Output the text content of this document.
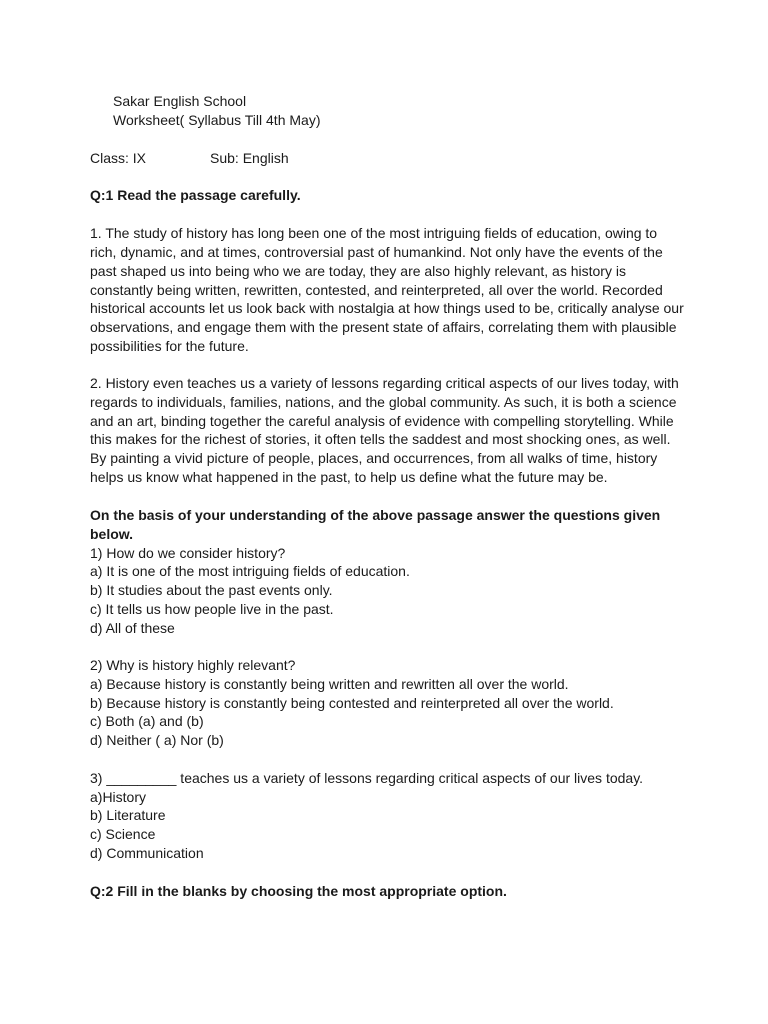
Sakar English School
Worksheet( Syllabus Till 4th May)
Class: IX	Sub: English
Q:1 Read the passage carefully.
1. The study of history has long been one of the most intriguing fields of education, owing to
rich, dynamic, and at times, controversial past of humankind. Not only have the events of the
past shaped us into being who we are today, they are also highly relevant, as history is
constantly being written, rewritten, contested, and reinterpreted, all over the world. Recorded
historical accounts let us look back with nostalgia at how things used to be, critically analyse our
observations, and engage them with the present state of affairs, correlating them with plausible
possibilities for the future.
2. History even teaches us a variety of lessons regarding critical aspects of our lives today, with
regards to individuals, families, nations, and the global community. As such, it is both a science
and an art, binding together the careful analysis of evidence with compelling storytelling. While
this makes for the richest of stories, it often tells the saddest and most shocking ones, as well.
By painting a vivid picture of people, places, and occurrences, from all walks of time, history
helps us know what happened in the past, to help us define what the future may be.
On the basis of your understanding of the above passage answer the questions given
below.
1) How do we consider history?
a) It is one of the most intriguing fields of education.
b) It studies about the past events only.
c) It tells us how people live in the past.
d) All of these
2) Why is history highly relevant?
a) Because history is constantly being written and rewritten all over the world.
b) Because history is constantly being contested and reinterpreted all over the world.
c) Both (a) and (b)
d) Neither ( a) Nor (b)
3) _________ teaches us a variety of lessons regarding critical aspects of our lives today.
a)History
b) Literature
c) Science
d) Communication
Q:2 Fill in the blanks by choosing the most appropriate option.
